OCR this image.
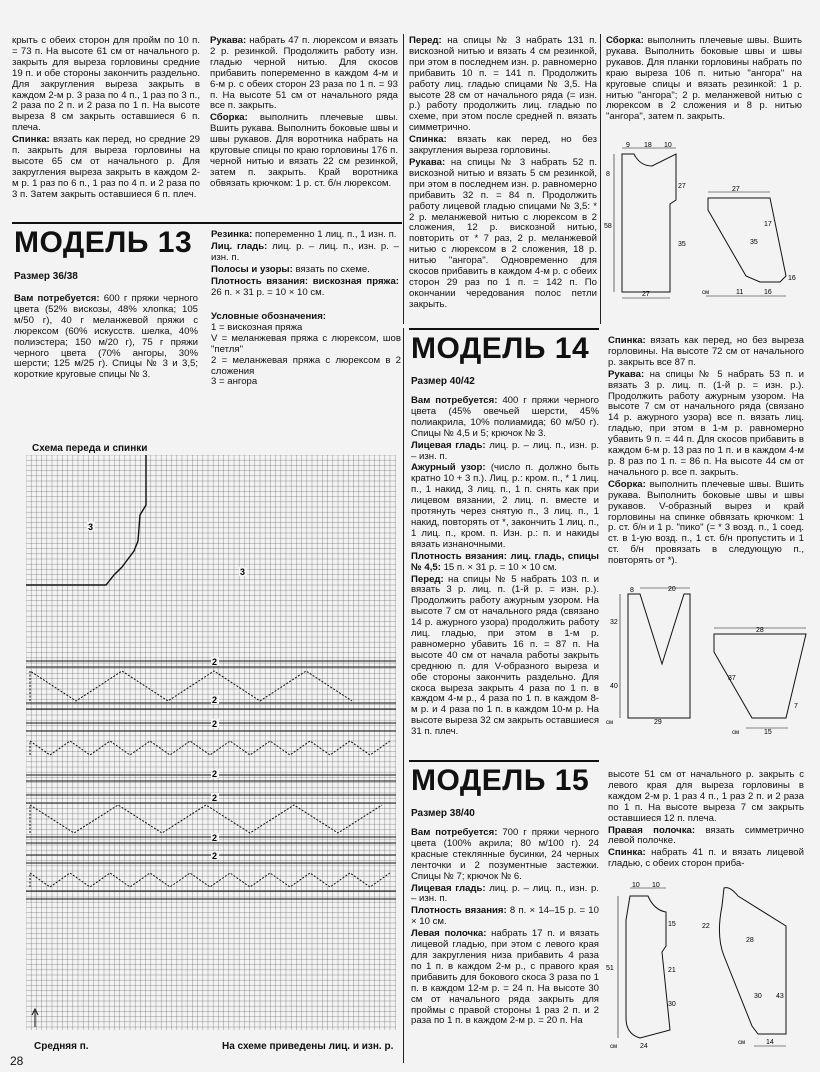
крыть с обеих сторон для пройм по 10 п. = 73 п. На высоте 61 см от начального р. закрыть для выреза горловины средние 19 п. и обе стороны закончить раздельно. Для закругления выреза закрыть в каждом 2-м р. 3 раза по 4 п., 1 раз по 3 п., 2 раза по 2 п. и 2 раза по 1 п. На высоте выреза 8 см закрыть оставшиеся 6 п. плеча.

Спинка: вязать как перед, но средние 29 п. закрыть для выреза горловины на высоте 65 см от начального р. Для закругления выреза закрыть в каждом 2-м р. 1 раз по 6 п., 1 раз по 4 п. и 2 раза по 3 п. Затем закрыть оставшиеся 6 п. плеч.

Рукава: набрать 47 п. люрексом и вязать 2 р. резинкой. Продолжить работу изн. гладью черной нитью. Для скосов прибавить попеременно в каждом 4-м и 6-м р. с обеих сторон 23 раза по 1 п. = 93 п. На высоте 51 см от начального ряда все п. закрыть.

Сборка: выполнить плечевые швы. Вшить рукава. Выполнить боковые швы и швы рукавов. Для воротника набрать на круговые спицы по краю горловины 176 п. черной нитью и вязать 22 см резинкой, затем п. закрыть. Край воротника обвязать крючком: 1 р. ст. б/н люрексом.

Перед: на спицы № 3 набрать 131 п. вискозной нитью и вязать 4 см резинкой, при этом в последнем изн. р. равномерно прибавить 10 п. = 141 п. Продолжить работу лиц. гладью спицами № 3,5. На высоте 28 см от начального ряда (= изн. р.) работу продолжить лиц. гладью по схеме, при этом после средней п. вязать симметрично.

Спинка: вязать как перед, но без закругления выреза горловины.

Рукава: на спицы № 3 набрать 52 п. вискозной нитью и вязать 5 см резинкой, при этом в последнем изн. р. равномерно прибавить 32 п. = 84 п. Продолжить работу лицевой гладью спицами № 3,5: * 2 р. меланжевой нитью с люрексом в 2 сложения, 12 р. вискозной нитью, повторить от * 7 раз, 2 р. меланжевой нитью с люрексом в 2 сложения, 18 р. нитью "ангора". Одновременно для скосов прибавить в каждом 4-м р. с обеих сторон 29 раз по 1 п. = 142 п. По окончании чередования полос петли закрыть.

Сборка: выполнить плечевые швы. Вшить рукава. Выполнить боковые швы и швы рукавов. Для планки горловины набрать по краю выреза 106 п. нитью "ангора" на круговые спицы и вязать резинкой: 1 р. нитью "ангора"; 2 р. меланжевой нитью с люрексом в 2 сложения и 8 р. нитью "ангора", затем п. закрыть.

9 18 10
8
27
58
35
27
27
17
35
16
11	16
см
МОДЕЛЬ 13
Размер 36/38

Вам потребуется: 600 г пряжи черного цвета (52% вискозы, 48% хлопка; 105 м/50 г), 40 г меланжевой пряжи с люрексом (60% искусств. шелка, 40% полиэстера; 150 м/20 г), 75 г пряжи черного цвета (70% ангоры, 30% шерсти; 125 м/25 г). Спицы № 3 и 3,5; короткие круговые спицы № 3.

Резинка: попеременно 1 лиц. п., 1 изн. п.

Лиц. гладь: лиц. р. – лиц. п., изн. р. – изн. п.

Полосы и узоры: вязать по схеме.

Плотность вязания: вискозная пряжа: 26 п. × 31 р. = 10 × 10 см.

Условные обозначения:

1 = вискозная пряжа

V = меланжевая пряжа с люрексом, шов "петля"

2 = меланжевая пряжа с люрексом в 2 сложения

3 = ангора

Схема переда и спинки
3
3
2
2
2
2
2
2
2
Средняя п.	На схеме приведены лиц. и изн. р.
МОДЕЛЬ 14
Размер 40/42

Вам потребуется: 400 г пряжи черного цвета (45% овечьей шерсти, 45% полиакрила, 10% полиамида; 60 м/50 г). Спицы № 4,5 и 5; крючок № 3.

Лицевая гладь: лиц. р. – лиц. п., изн. р. – изн. п.

Ажурный узор: (число п. должно быть кратно 10 + 3 п.). Лиц. р.: кром. п., * 1 лиц. п., 1 накид, 3 лиц. п., 1 п. снять как при лицевом вязании, 2 лиц. п. вместе и протянуть через снятую п., 3 лиц. п., 1 накид, повторять от *, закончить 1 лиц. п., 1 лиц. п., кром. п. Изн. р.: п. и накиды вязать изнаночными.

Плотность вязания: лиц. гладь, спицы № 4,5: 15 п. × 31 р. = 10 × 10 см.

Перед: на спицы № 5 набрать 103 п. и вязать 3 р. лиц. п. (1-й р. = изн. р.). Продолжить работу ажурным узором. На высоте 7 см от начального ряда (связано 14 р. ажурного узора) продолжить работу лиц. гладью, при этом в 1-м р. равномерно убавить 16 п. = 87 п. На высоте 40 см от начала работы закрыть среднюю п. для V-образного выреза и обе стороны закончить раздельно. Для скоса выреза закрыть 4 раза по 1 п. в каждом 4-м р., 4 раза по 1 п. в каждом 8-м р. и 4 раза по 1 п. в каждом 10-м р. На высоте выреза 32 см закрыть оставшиеся 31 п. плеч.

Спинка: вязать как перед, но без выреза горловины. На высоте 72 см от начального р. закрыть все 87 п.

Рукава: на спицы № 5 набрать 53 п. и вязать 3 р. лиц. п. (1-й р. = изн. р.). Продолжить работу ажурным узором. На высоте 7 см от начального ряда (связано 14 р. ажурного узора) все п. вязать лиц. гладью, при этом в 1-м р. равномерно убавить 9 п. = 44 п. Для скосов прибавить в каждом 6-м р. 13 раз по 1 п. и в каждом 4-м р. 8 раз по 1 п. = 86 п. На высоте 44 см от начального р. все п. закрыть.

Сборка: выполнить плечевые швы. Вшить рукава. Выполнить боковые швы и швы рукавов. V-образный вырез и край горловины на спинке обвязать крючком: 1 р. ст. б/н и 1 р. "пико" (= * 3 возд. п., 1 соед. ст. в 1-ую возд. п., 1 ст. б/н пропустить и 1 ст. б/н провязать в следующую п., повторять от *).

8	20
32
40
29
см
28
37
7
15
см
МОДЕЛЬ 15
Размер 38/40

Вам потребуется: 700 г пряжи черного цвета (100% акрила; 80 м/100 г). 24 красные стеклянные бусинки, 24 черных ленточки и 2 позументные застежки. Спицы № 7; крючок № 6.

Лицевая гладь: лиц. р. – лиц. п., изн. р. – изн. п.

Плотность вязания: 8 п. × 14–15 р. = 10 × 10 см.

Левая полочка: набрать 17 п. и вязать лицевой гладью, при этом с левого края для закругления низа прибавить 4 раза по 1 п. в каждом 2-м р., с правого края прибавить для бокового скоса 3 раза по 1 п. в каждом 12-м р. = 24 п. На высоте 30 см от начального ряда закрыть для проймы с правой стороны 1 раз 2 п. и 2 раза по 1 п. в каждом 2-м р. = 20 п. На

высоте 51 см от начального р. закрыть с левого края для выреза горловины в каждом 2-м р. 1 раз 4 п., 1 раз 2 п. и 2 раза по 1 п. На высоте выреза 7 см закрыть оставшиеся 12 п. плеча.

Правая полочка: вязать симметрично левой полочке.

Спинка: набрать 41 п. и вязать лицевой гладью, с обеих сторон приба-

10 10
15
51	21
30
24
см
22
28
30 43
14
см
28
